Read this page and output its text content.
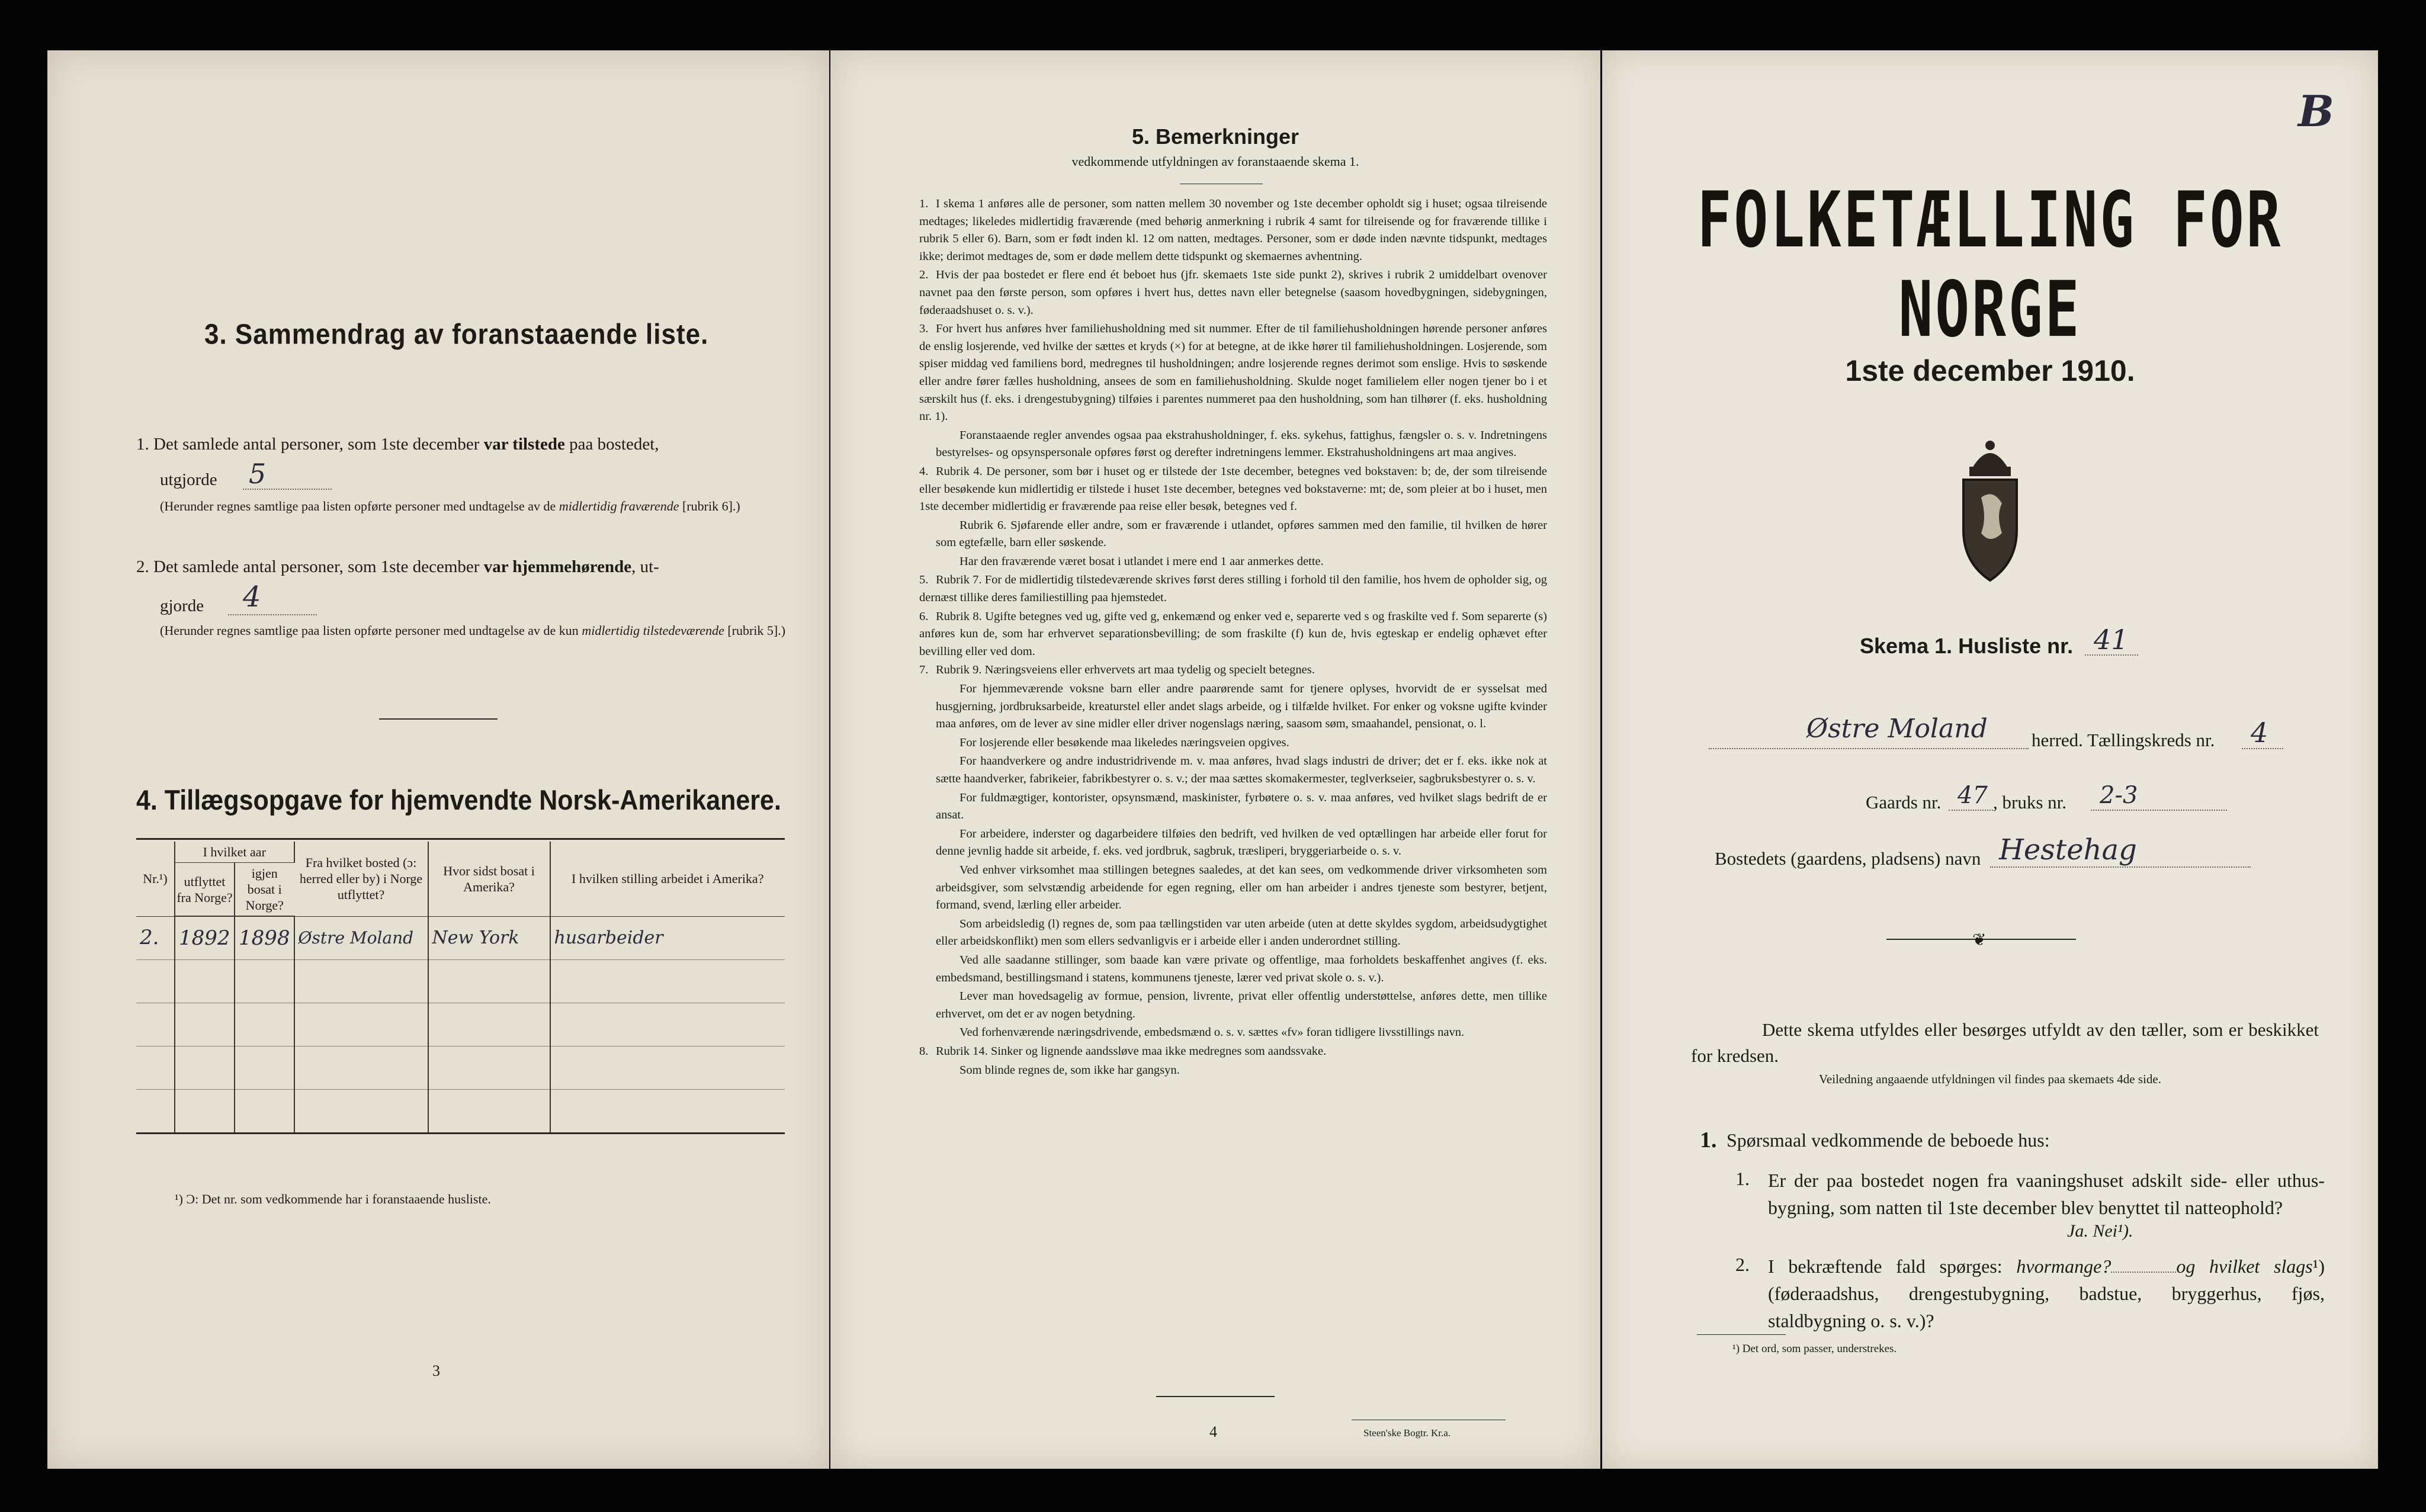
3. Sammendrag av foranstaaende liste.
1. Det samlede antal personer, som 1ste december var tilstede paa bostedet,
utgjorde 5
(Herunder regnes samtlige paa listen opførte personer med undtagelse av de midlertidig fraværende [rubrik 6].)
2. Det samlede antal personer, som 1ste december var hjemmehørende, ut-
gjorde 4
(Herunder regnes samtlige paa listen opførte personer med undtagelse av de kun midlertidig tilstedeværende [rubrik 5].)
4. Tillægsopgave for hjemvendte Norsk-Amerikanere.
Nr.¹)	I hvilket aar		Fra hvilket bosted (ɔ: herred eller by) i Norge utflyttet?	Hvor sidst bosat i Amerika?	I hvilken stilling arbeidet i Amerika?
	utflyttet fra Norge?	igjen bosat i Norge?			
2.	1892	1898	Østre Moland	New York	husarbeider

¹) Ɔ: Det nr. som vedkommende har i foranstaaende husliste.
3
5. Bemerkninger
vedkommende utfyldningen av foranstaaende skema 1.
1. I skema 1 anføres alle de personer, som natten mellem 30 november og 1ste december opholdt sig i huset; ogsaa tilreisende medtages; likeledes midlertidig fraværende (med behørig anmerkning i rubrik 4 samt for tilreisende og for fraværende tillike i rubrik 5 eller 6). Barn, som er født inden kl. 12 om natten, medtages. Personer, som er døde inden nævnte tidspunkt, medtages ikke; derimot medtages de, som er døde mellem dette tidspunkt og skemaernes avhentning.
2. Hvis der paa bostedet er flere end ét beboet hus (jfr. skemaets 1ste side punkt 2), skrives i rubrik 2 umiddelbart ovenover navnet paa den første person, som opføres i hvert hus, dettes navn eller betegnelse (saasom hovedbygningen, sidebygningen, føderaadshuset o. s. v.).
3. For hvert hus anføres hver familiehusholdning med sit nummer. Efter de til familiehusholdningen hørende personer anføres de enslig losjerende, ved hvilke der sættes et kryds (×) for at betegne, at de ikke hører til familiehusholdningen. Losjerende, som spiser middag ved familiens bord, medregnes til husholdningen; andre losjerende regnes derimot som enslige. Hvis to søskende eller andre fører fælles husholdning, ansees de som en familiehusholdning. Skulde noget familielem eller nogen tjener bo i et særskilt hus (f. eks. i drengestubygning) tilføies i parentes nummeret paa den husholdning, som han tilhører (f. eks. husholdning nr. 1).
Foranstaaende regler anvendes ogsaa paa ekstrahusholdninger, f. eks. sykehus, fattighus, fængsler o. s. v. Indretningens bestyrelses- og opsynspersonale opføres først og derefter indretningens lemmer. Ekstrahusholdningens art maa angives.
4. Rubrik 4. De personer, som bør i huset og er tilstede der 1ste december, betegnes ved bokstaven: b; de, der som tilreisende eller besøkende kun midlertidig er tilstede i huset 1ste december, betegnes ved bokstaverne: mt; de, som pleier at bo i huset, men 1ste december midlertidig er fraværende paa reise eller besøk, betegnes ved f.
Rubrik 6. Sjøfarende eller andre, som er fraværende i utlandet, opføres sammen med den familie, til hvilken de hører som egtefælle, barn eller søskende.
Har den fraværende været bosat i utlandet i mere end 1 aar anmerkes dette.
5. Rubrik 7. For de midlertidig tilstedeværende skrives først deres stilling i forhold til den familie, hos hvem de opholder sig, og dernæst tillike deres familiestilling paa hjemstedet.
6. Rubrik 8. Ugifte betegnes ved ug, gifte ved g, enkemænd og enker ved e, separerte ved s og fraskilte ved f. Som separerte (s) anføres kun de, som har erhvervet separationsbevilling; de som fraskilte (f) kun de, hvis egteskap er endelig ophævet efter bevilling eller ved dom.
7. Rubrik 9. Næringsveiens eller erhvervets art maa tydelig og specielt betegnes.
For hjemmeværende voksne barn eller andre paarørende samt for tjenere oplyses, hvorvidt de er sysselsat med husgjerning, jordbruksarbeide, kreaturstel eller andet slags arbeide, og i tilfælde hvilket. For enker og voksne ugifte kvinder maa anføres, om de lever av sine midler eller driver nogenslags næring, saasom søm, smaahandel, pensionat, o. l.
For losjerende eller besøkende maa likeledes næringsveien opgives.
For haandverkere og andre industridrivende m. v. maa anføres, hvad slags industri de driver; det er f. eks. ikke nok at sætte haandverker, fabrikeier, fabrikbestyrer o. s. v.; der maa sættes skomakermester, teglverkseier, sagbruksbestyrer o. s. v.
For fuldmægtiger, kontorister, opsynsmænd, maskinister, fyrbøtere o. s. v. maa anføres, ved hvilket slags bedrift de er ansat.
For arbeidere, inderster og dagarbeidere tilføies den bedrift, ved hvilken de ved optællingen har arbeide eller forut for denne jevnlig hadde sit arbeide, f. eks. ved jordbruk, sagbruk, træsliperi, bryggeriarbeide o. s. v.
Ved enhver virksomhet maa stillingen betegnes saaledes, at det kan sees, om vedkommende driver virksomheten som arbeidsgiver, som selvstændig arbeidende for egen regning, eller om han arbeider i andres tjeneste som bestyrer, betjent, formand, svend, lærling eller arbeider.
Som arbeidsledig (l) regnes de, som paa tællingstiden var uten arbeide (uten at dette skyldes sygdom, arbeidsudygtighet eller arbeidskonflikt) men som ellers sedvanligvis er i arbeide eller i anden underordnet stilling.
Ved alle saadanne stillinger, som baade kan være private og offentlige, maa forholdets beskaffenhet angives (f. eks. embedsmand, bestillingsmand i statens, kommunens tjeneste, lærer ved privat skole o. s. v.).
Lever man hovedsagelig av formue, pension, livrente, privat eller offentlig understøttelse, anføres dette, men tillike erhvervet, om det er av nogen betydning.
Ved forhenværende næringsdrivende, embedsmænd o. s. v. sættes «fv» foran tidligere livsstillings navn.
8. Rubrik 14. Sinker og lignende aandssløve maa ikke medregnes som aandssvake.
Som blinde regnes de, som ikke har gangsyn.
4	Steen'ske Bogtr. Kr.a.
B
FOLKETÆLLING FOR NORGE
1ste december 1910.
Skema 1. Husliste nr. 41
Østre Moland herred. Tællingskreds nr. 4
Gaards nr. 47 , bruks nr. 2-3
Bostedets (gaardens, pladsens) navn Hestehag
❦
Dette skema utfyldes eller besørges utfyldt av den tæller, som er beskikket for kredsen.
Veiledning angaaende utfyldningen vil findes paa skemaets 4de side.
1. Spørsmaal vedkommende de beboede hus:
1. Er der paa bostedet nogen fra vaaningshuset adskilt side- eller uthus-bygning, som natten til 1ste december blev benyttet til natteophold?
Ja. Nei¹).
2. I bekræftende fald spørges: hvormange?	og hvilket slags¹) (føderaadshus, drengestubygning, badstue, bryggerhus, fjøs, staldbygning o. s. v.)?
¹) Det ord, som passer, understrekes.
